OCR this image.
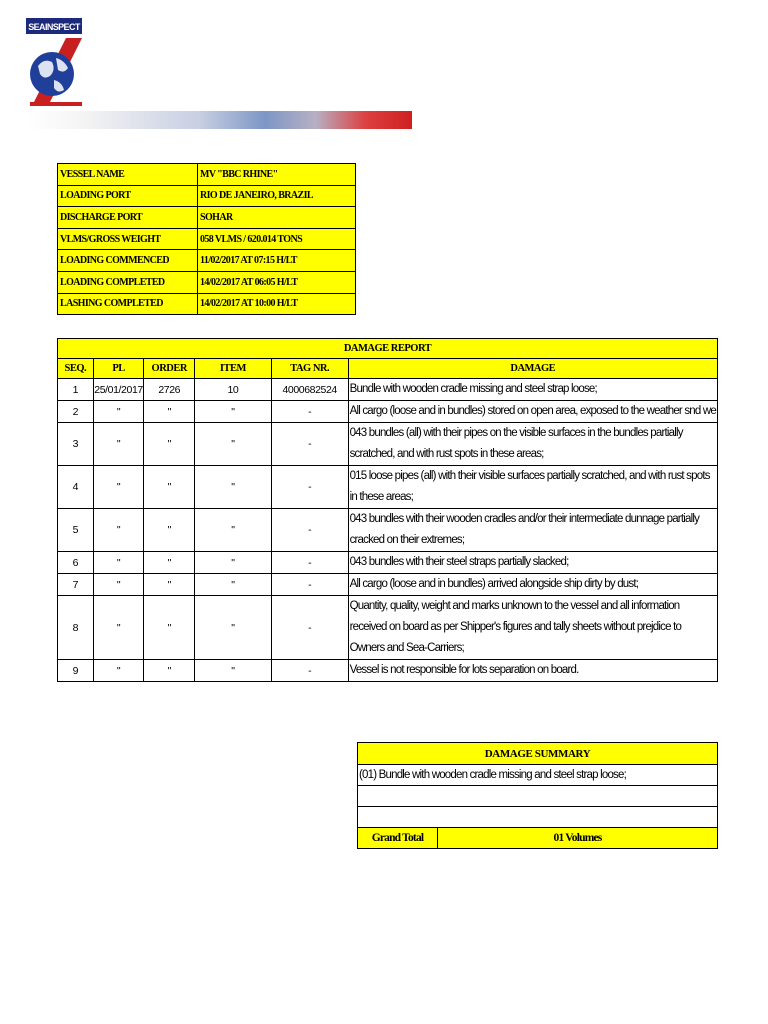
SEAINSPECT
VESSEL NAME	MV "BBC RHINE"
LOADING PORT	RIO DE JANEIRO, BRAZIL
DISCHARGE PORT	SOHAR
VLMS/GROSS WEIGHT	058 VLMS / 620.014 TONS
LOADING COMMENCED	11/02/2017 AT 07:15 H/LT
LOADING COMPLETED	14/02/2017 AT 06:05 H/LT
LASHING COMPLETED	14/02/2017 AT 10:00 H/LT
DAMAGE REPORT					
SEQ.	PL	ORDER	ITEM	TAG NR.	DAMAGE
1	25/01/2017	2726	10	4000682524	Bundle with wooden cradle missing and steel strap loose;
2	"	"	"	-	All cargo (loose and in bundles) stored on open area, exposed to the weather snd we
3	"	"	"	-	043 bundles (all) with their pipes on the visible surfaces in the bundles partially scratched, and with rust spots in these areas;
4	"	"	"	-	015 loose pipes (all) with their visible surfaces partially scratched, and with rust spots in these areas;
5	"	"	"	-	043 bundles with their wooden cradles and/or their intermediate dunnage partially cracked on their extremes;
6	"	"	"	-	043 bundles with their steel straps partially slacked;
7	"	"	"	-	All cargo (loose and in bundles) arrived alongside ship dirty by dust;
8	"	"	"	-	Quantity, quality, weight and marks unknown to the vessel and all information received on board as per Shipper's figures and tally sheets without prejdice to Owners and Sea-Carriers;
9	"	"	"	-	Vessel is not responsible for lots separation on board.
DAMAGE SUMMARY
(01) Bundle with wooden cradle missing and steel strap loose;

Grand Total	01 Volumes
